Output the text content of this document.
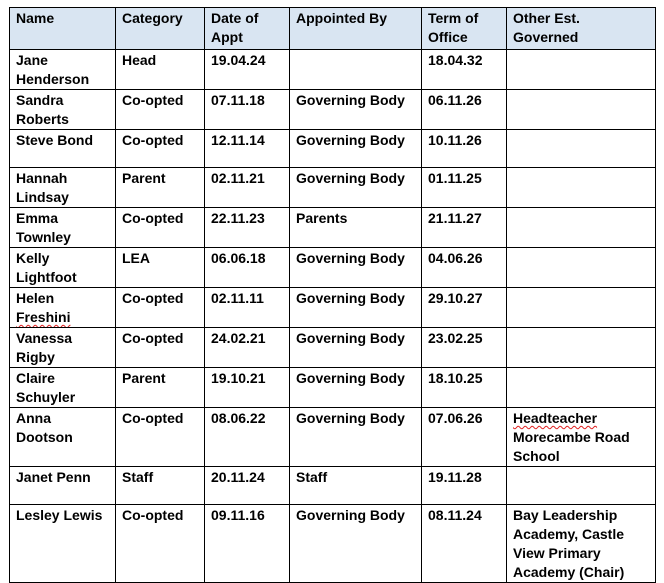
Name	Category	Date of Appt	Appointed By	Term of Office	Other Est. Governed
Jane Henderson	Head	19.04.24		18.04.32	
Sandra Roberts	Co-opted	07.11.18	Governing Body	06.11.26	
Steve Bond	Co-opted	12.11.14	Governing Body	10.11.26	
Hannah Lindsay	Parent	02.11.21	Governing Body	01.11.25	
Emma Townley	Co-opted	22.11.23	Parents	21.11.27	
Kelly Lightfoot	LEA	06.06.18	Governing Body	04.06.26	
Helen Freshini	Co-opted	02.11.11	Governing Body	29.10.27	
Vanessa Rigby	Co-opted	24.02.21	Governing Body	23.02.25	
Claire Schuyler	Parent	19.10.21	Governing Body	18.10.25	
Anna Dootson	Co-opted	08.06.22	Governing Body	07.06.26	Headteacher Morecambe Road School
Janet Penn	Staff	20.11.24	Staff	19.11.28	
Lesley Lewis	Co-opted	09.11.16	Governing Body	08.11.24	Bay Leadership Academy, Castle View Primary Academy (Chair)
